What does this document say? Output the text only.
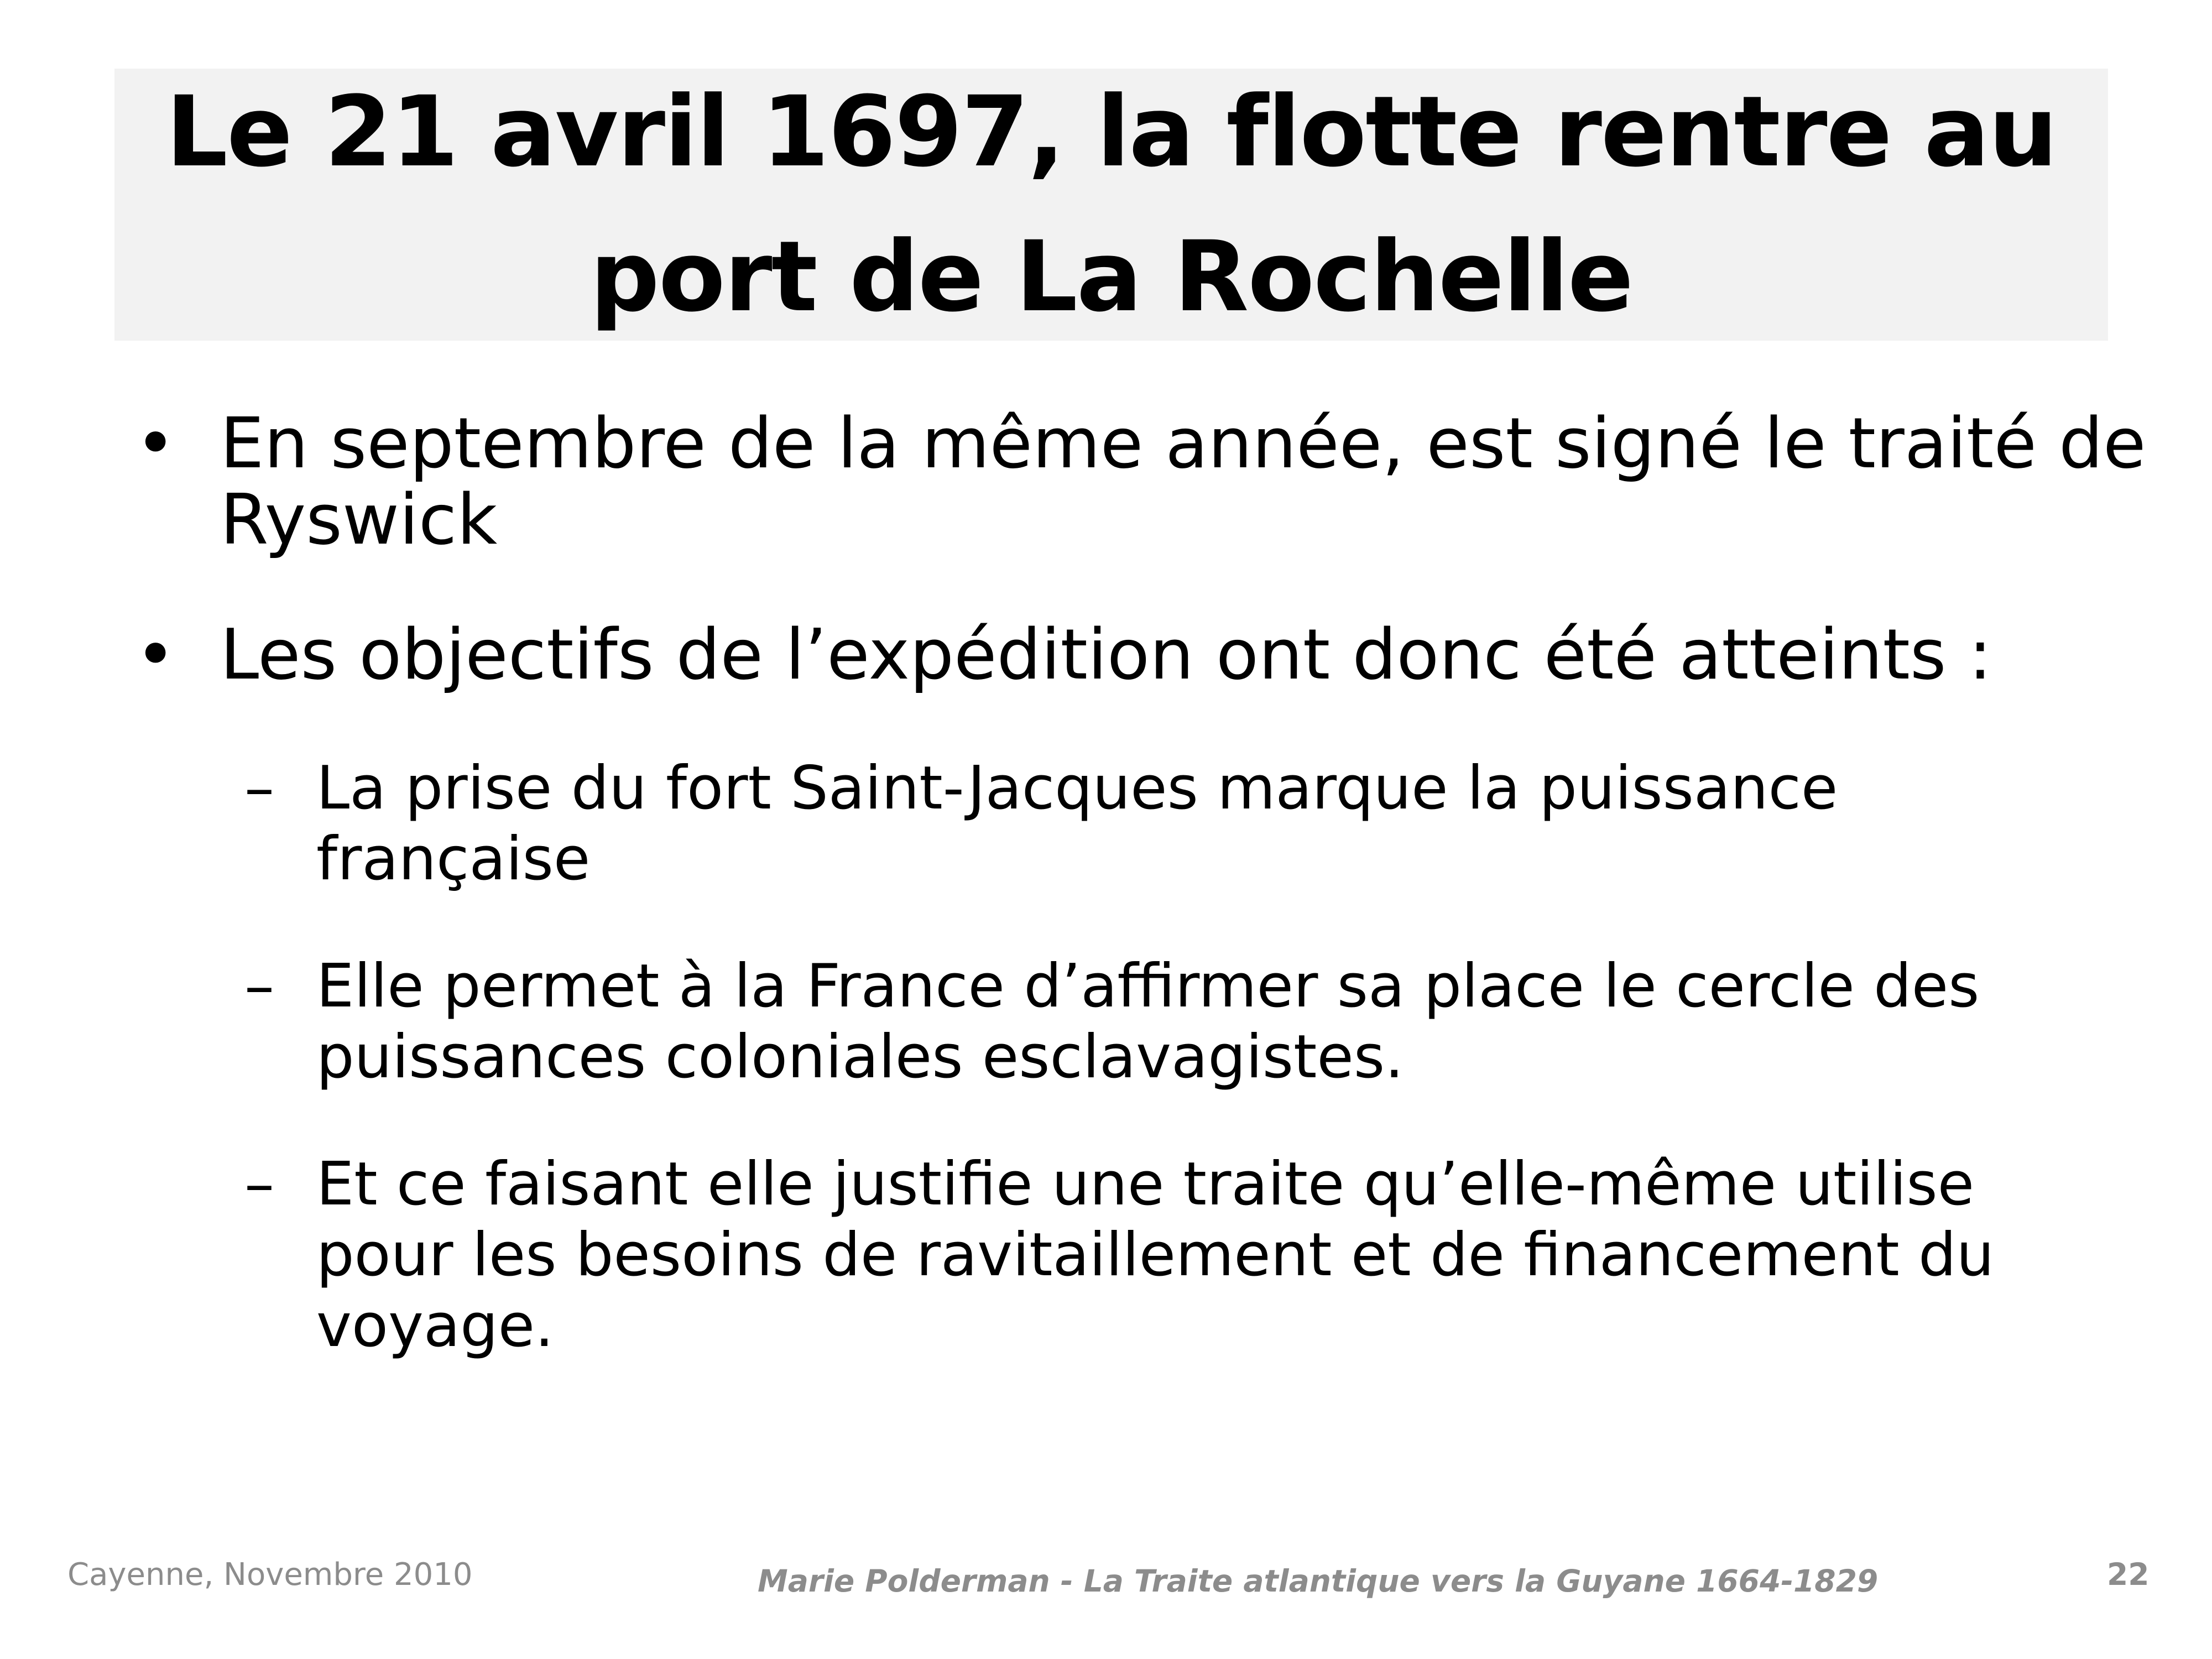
Le 21 avril 1697, la flotte rentre au
port de La Rochelle
• En septembre de la même année, est signé le traité de
Ryswick
• Les objectifs de l’expédition ont donc été atteints :
– La prise du fort Saint-Jacques marque la puissance
française
– Elle permet à la France d’affirmer sa place le cercle des
puissances coloniales esclavagistes.
– Et ce faisant elle justifie une traite qu’elle-même utilise
pour les besoins de ravitaillement et de financement du
voyage.
Cayenne, Novembre 2010	Marie Polderman - La Traite atlantique vers la Guyane 1664-1829	22
